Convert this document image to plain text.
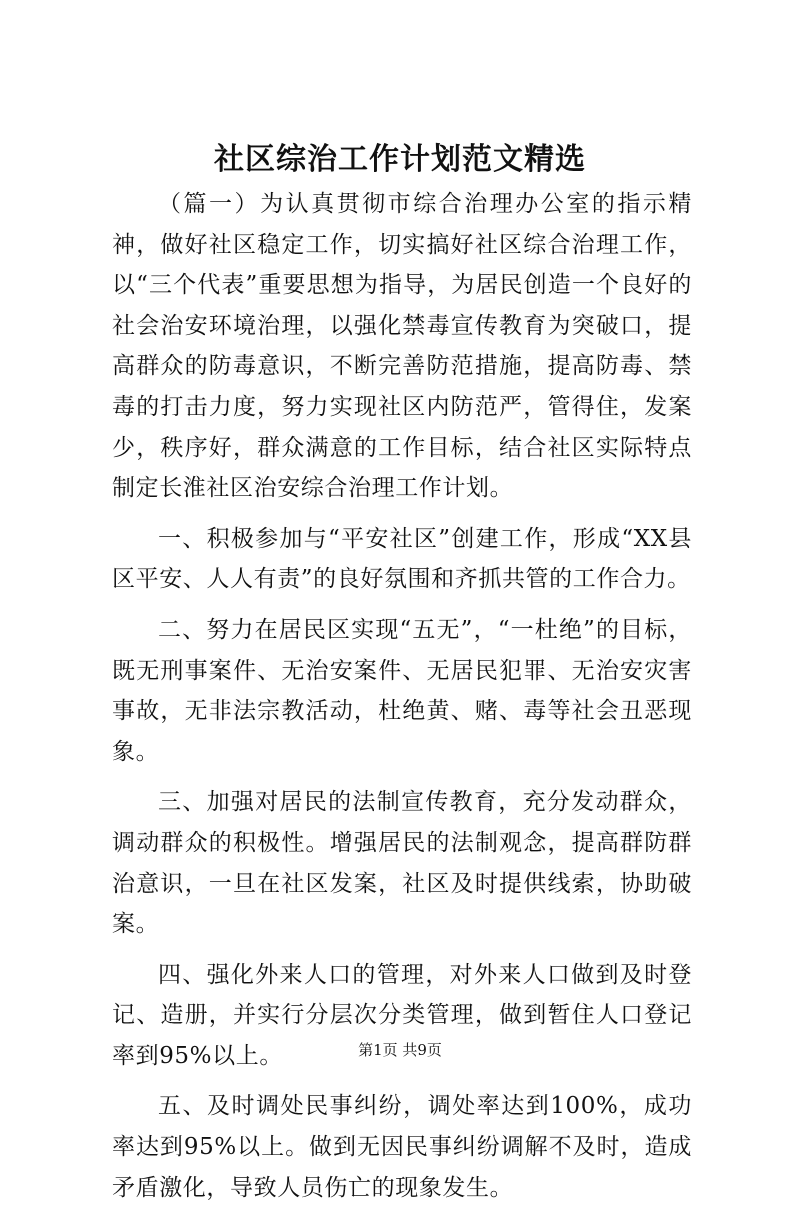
社区综治工作计划范文精选

（篇一）为认真贯彻市综合治理办公室的指示精神，做好社区稳定工作，切实搞好社区综合治理工作，以“三个代表”重要思想为指导，为居民创造一个良好的社会治安环境治理，以强化禁毒宣传教育为突破口，提高群众的防毒意识，不断完善防范措施，提高防毒、禁毒的打击力度，努力实现社区内防范严，管得住，发案少，秩序好，群众满意的工作目标，结合社区实际特点制定长淮社区治安综合治理工作计划。

一、积极参加与“平安社区”创建工作，形成“XX县区平安、人人有责”的良好氛围和齐抓共管的工作合力。

二、努力在居民区实现“五无”，“一杜绝”的目标，既无刑事案件、无治安案件、无居民犯罪、无治安灾害事故，无非法宗教活动，杜绝黄、赌、毒等社会丑恶现象。

三、加强对居民的法制宣传教育，充分发动群众，调动群众的积极性。增强居民的法制观念，提高群防群治意识，一旦在社区发案，社区及时提供线索，协助破案。

四、强化外来人口的管理，对外来人口做到及时登记、造册，并实行分层次分类管理，做到暂住人口登记率到95%以上。

五、及时调处民事纠纷，调处率达到100%，成功率达到95%以上。做到无因民事纠纷调解不及时，造成矛盾激化，导致人员伤亡的现象发生。

第1页 共9页
